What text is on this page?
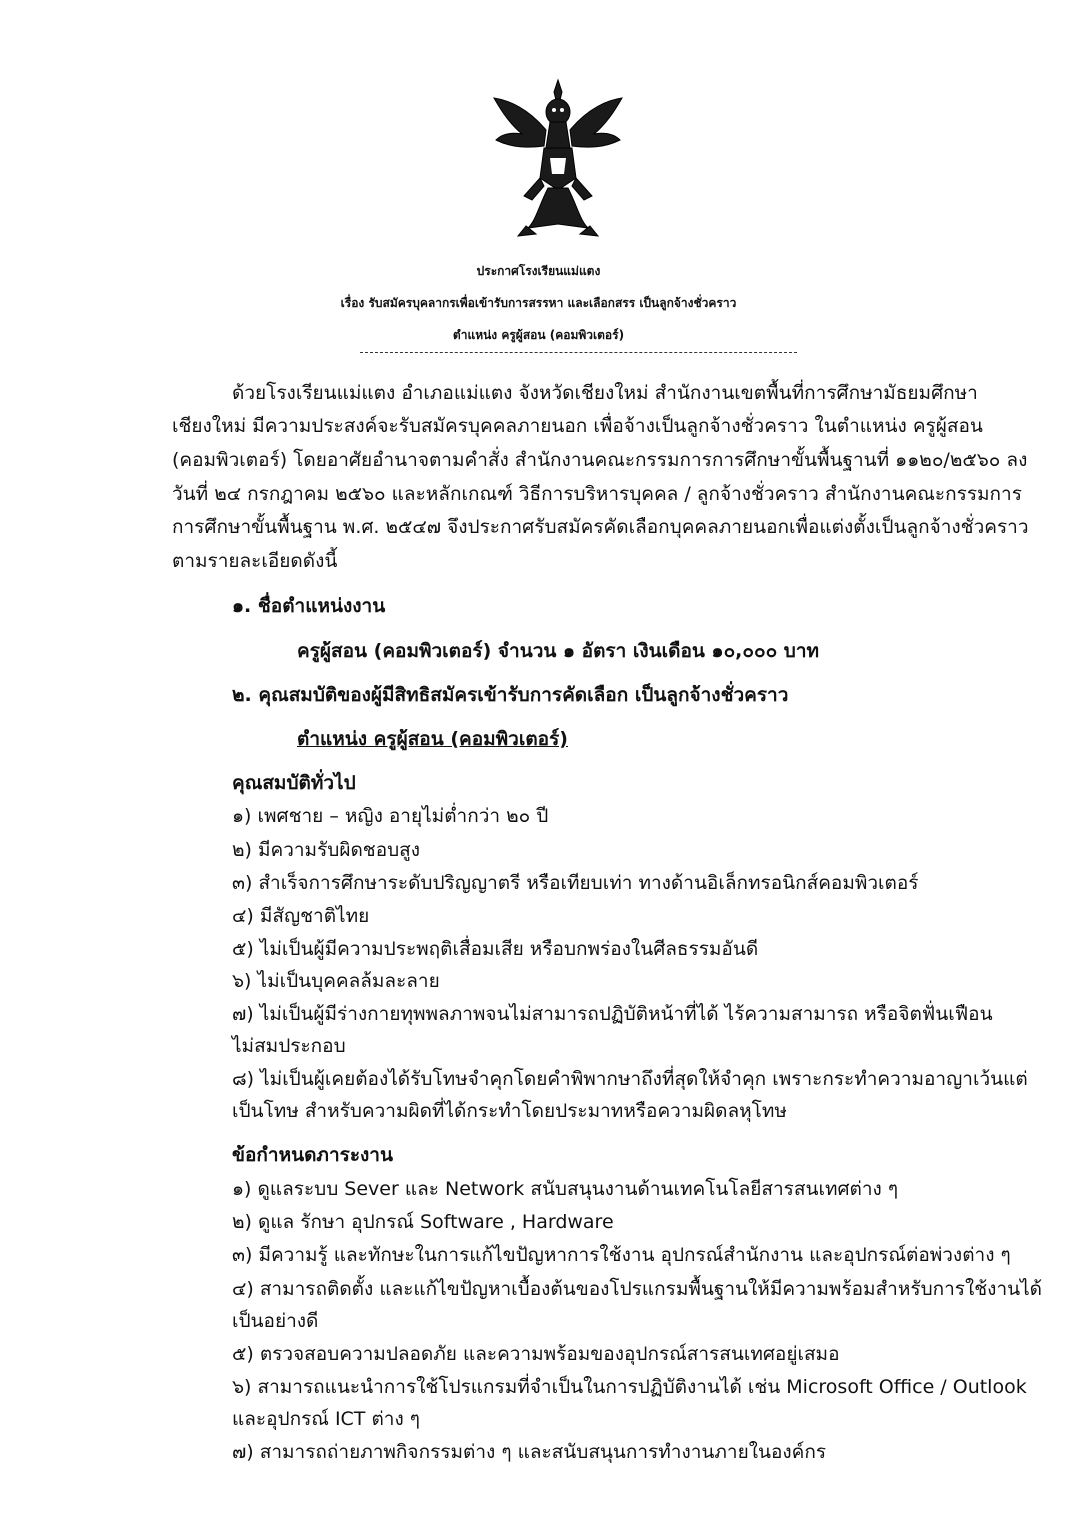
ประกาศโรงเรียนแม่แตง
เรื่อง รับสมัครบุคลากรเพื่อเข้ารับการสรรหา และเลือกสรร เป็นลูกจ้างชั่วคราว
ตำแหน่ง ครูผู้สอน (คอมพิวเตอร์)
ด้วยโรงเรียนแม่แตง อำเภอแม่แตง จังหวัดเชียงใหม่ สำนักงานเขตพื้นที่การศึกษามัธยมศึกษา
เชียงใหม่ มีความประสงค์จะรับสมัครบุคคลภายนอก เพื่อจ้างเป็นลูกจ้างชั่วคราว ในตำแหน่ง ครูผู้สอน
(คอมพิวเตอร์) โดยอาศัยอำนาจตามคำสั่ง สำนักงานคณะกรรมการการศึกษาขั้นพื้นฐานที่ ๑๑๒๐/๒๕๖๐ ลง
วันที่ ๒๔ กรกฎาคม ๒๕๖๐ และหลักเกณฑ์ วิธีการบริหารบุคคล / ลูกจ้างชั่วคราว สำนักงานคณะกรรมการ
การศึกษาขั้นพื้นฐาน พ.ศ. ๒๕๔๗ จึงประกาศรับสมัครคัดเลือกบุคคลภายนอกเพื่อแต่งตั้งเป็นลูกจ้างชั่วคราว
ตามรายละเอียดดังนี้
๑. ชื่อตำแหน่งงาน
ครูผู้สอน (คอมพิวเตอร์) จำนวน ๑ อัตรา เงินเดือน ๑๐,๐๐๐ บาท
๒. คุณสมบัติของผู้มีสิทธิสมัครเข้ารับการคัดเลือก เป็นลูกจ้างชั่วคราว
ตำแหน่ง ครูผู้สอน (คอมพิวเตอร์)
คุณสมบัติทั่วไป
๑) เพศชาย – หญิง อายุไม่ต่ำกว่า ๒๐ ปี
๒) มีความรับผิดชอบสูง
๓) สำเร็จการศึกษาระดับปริญญาตรี หรือเทียบเท่า ทางด้านอิเล็กทรอนิกส์คอมพิวเตอร์
๔) มีสัญชาติไทย
๕) ไม่เป็นผู้มีความประพฤติเสื่อมเสีย หรือบกพร่องในศีลธรรมอันดี
๖) ไม่เป็นบุคคลล้มละลาย
๗) ไม่เป็นผู้มีร่างกายทุพพลภาพจนไม่สามารถปฏิบัติหน้าที่ได้ ไร้ความสามารถ หรือจิตฟั่นเฟือน
ไม่สมประกอบ
๘) ไม่เป็นผู้เคยต้องได้รับโทษจำคุกโดยคำพิพากษาถึงที่สุดให้จำคุก เพราะกระทำความอาญาเว้นแต่
เป็นโทษ สำหรับความผิดที่ได้กระทำโดยประมาทหรือความผิดลหุโทษ
ข้อกำหนดภาระงาน
๑) ดูแลระบบ Sever และ Network สนับสนุนงานด้านเทคโนโลยีสารสนเทศต่าง ๆ
๒) ดูแล รักษา อุปกรณ์ Software , Hardware
๓) มีความรู้ และทักษะในการแก้ไขปัญหาการใช้งาน อุปกรณ์สำนักงาน และอุปกรณ์ต่อพ่วงต่าง ๆ
๔) สามารถติดตั้ง และแก้ไขปัญหาเบื้องต้นของโปรแกรมพื้นฐานให้มีความพร้อมสำหรับการใช้งานได้
เป็นอย่างดี
๕) ตรวจสอบความปลอดภัย และความพร้อมของอุปกรณ์สารสนเทศอยู่เสมอ
๖) สามารถแนะนำการใช้โปรแกรมที่จำเป็นในการปฏิบัติงานได้ เช่น Microsoft Office / Outlook
และอุปกรณ์ ICT ต่าง ๆ
๗) สามารถถ่ายภาพกิจกรรมต่าง ๆ และสนับสนุนการทำงานภายในองค์กร
